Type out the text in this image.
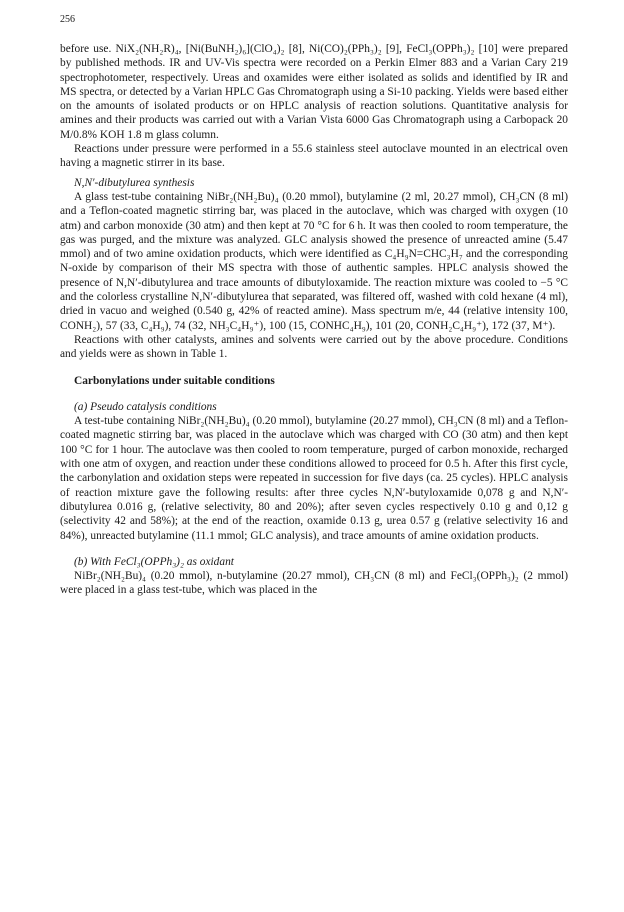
256

before use. NiX₂(NH₂R)₄, [Ni(BuNH₂)₆](ClO₄)₂ [8], Ni(CO)₂(PPh₃)₂ [9], FeCl₃(OPPh₃)₂ [10] were prepared by published methods. IR and UV-Vis spectra were recorded on a Perkin Elmer 883 and a Varian Cary 219 spectrophotometer, respectively. Ureas and oxamides were either isolated as solids and identified by IR and MS spectra, or detected by a Varian HPLC Gas Chromatograph using a Si-10 packing. Yields were based either on the amounts of isolated products or on HPLC analysis of reaction solutions. Quantitative analysis for amines and their products was carried out with a Varian Vista 6000 Gas Chromatograph using a Carbopack 20 M/0.8% KOH 1.8 m glass column.

Reactions under pressure were performed in a 55.6 stainless steel autoclave mounted in an electrical oven having a magnetic stirrer in its base.

N,N′-dibutylurea synthesis

A glass test-tube containing NiBr₂(NH₂Bu)₄ (0.20 mmol), butylamine (2 ml, 20.27 mmol), CH₃CN (8 ml) and a Teflon-coated magnetic stirring bar, was placed in the autoclave, which was charged with oxygen (10 atm) and carbon monoxide (30 atm) and then kept at 70 °C for 6 h. It was then cooled to room temperature, the gas was purged, and the mixture was analyzed. GLC analysis showed the presence of unreacted amine (5.47 mmol) and of two amine oxidation products, which were identified as C₄H₉N=CHC₃H₇ and the corresponding N-oxide by comparison of their MS spectra with those of authentic samples. HPLC analysis showed the presence of N,N′-dibutylurea and trace amounts of dibutyloxamide. The reaction mixture was cooled to −5 °C and the colorless crystalline N,N′-dibutylurea that separated, was filtered off, washed with cold hexane (4 ml), dried in vacuo and weighed (0.540 g, 42% of reacted amine). Mass spectrum m/e, 44 (relative intensity 100, CONH₂), 57 (33, C₄H₉), 74 (32, NH₃C₄H₉⁺), 100 (15, CONHC₄H₉), 101 (20, CONH₂C₄H₉⁺), 172 (37, M⁺).

Reactions with other catalysts, amines and solvents were carried out by the above procedure. Conditions and yields were as shown in Table 1.

Carbonylations under suitable conditions

(a) Pseudo catalysis conditions

A test-tube containing NiBr₂(NH₂Bu)₄ (0.20 mmol), butylamine (20.27 mmol), CH₃CN (8 ml) and a Teflon-coated magnetic stirring bar, was placed in the autoclave which was charged with CO (30 atm) and then kept 100 °C for 1 hour. The autoclave was then cooled to room temperature, purged of carbon monoxide, recharged with one atm of oxygen, and reaction under these conditions allowed to proceed for 0.5 h. After this first cycle, the carbonylation and oxidation steps were repeated in succession for five days (ca. 25 cycles). HPLC analysis of reaction mixture gave the following results: after three cycles N,N′-butyloxamide 0,078 g and N,N′-dibutylurea 0.016 g, (relative selectivity, 80 and 20%); after seven cycles respectively 0.10 g and 0,12 g (selectivity 42 and 58%); at the end of the reaction, oxamide 0.13 g, urea 0.57 g (relative selectivity 16 and 84%), unreacted butylamine (11.1 mmol; GLC analysis), and trace amounts of amine oxidation products.

(b) With FeCl₃(OPPh₃)₂ as oxidant

NiBr₂(NH₂Bu)₄ (0.20 mmol), n-butylamine (20.27 mmol), CH₃CN (8 ml) and FeCl₃(OPPh₃)₂ (2 mmol) were placed in a glass test-tube, which was placed in the
